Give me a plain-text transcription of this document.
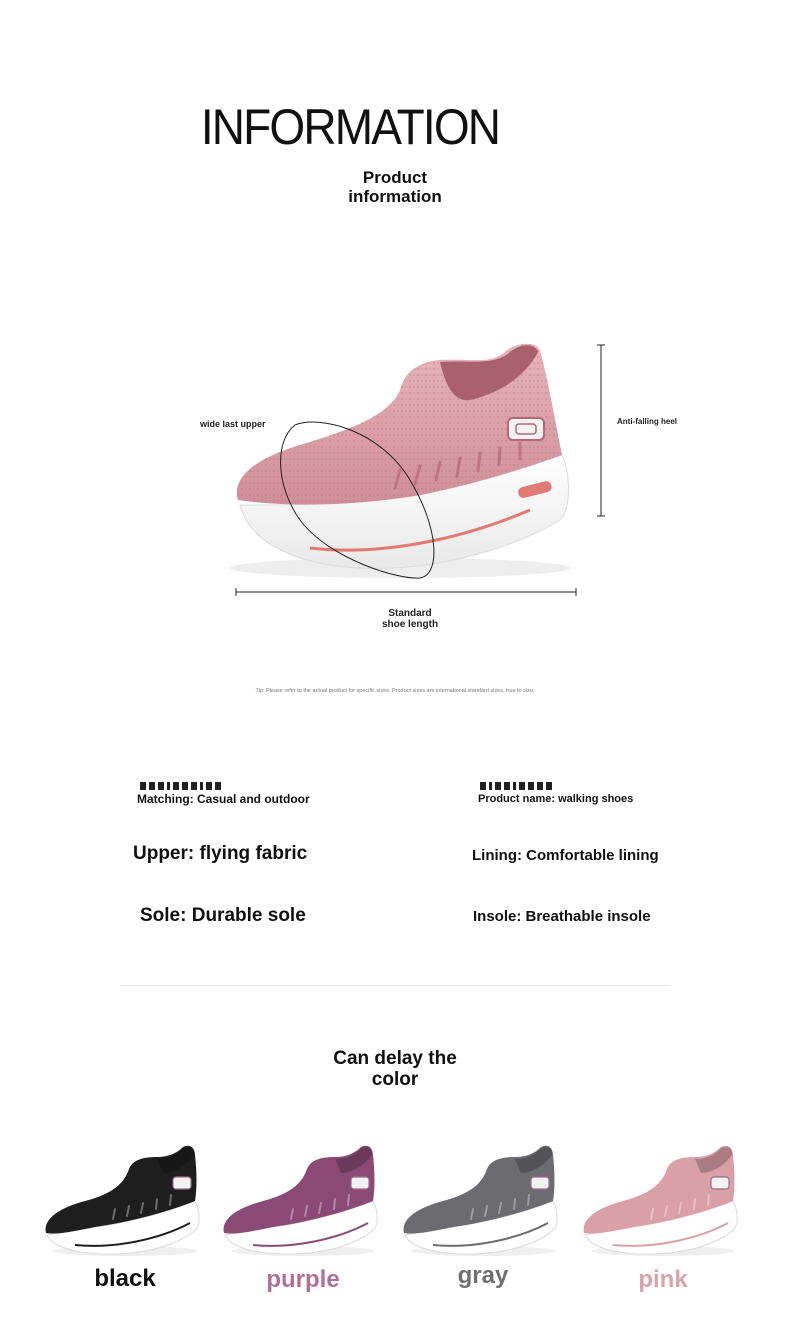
INFORMATION
Product
information
wide last upper	Anti-falling heel
Standard
shoe length
Tip: Please refer to the actual product for specific sizes. Product sizes are international standard sizes, true to size.
Matching: Casual and outdoor	Product name: walking shoes
Upper: flying fabric	Lining: Comfortable lining
Sole: Durable sole	Insole: Breathable insole
Can delay the
color
black	purple	gray	pink
